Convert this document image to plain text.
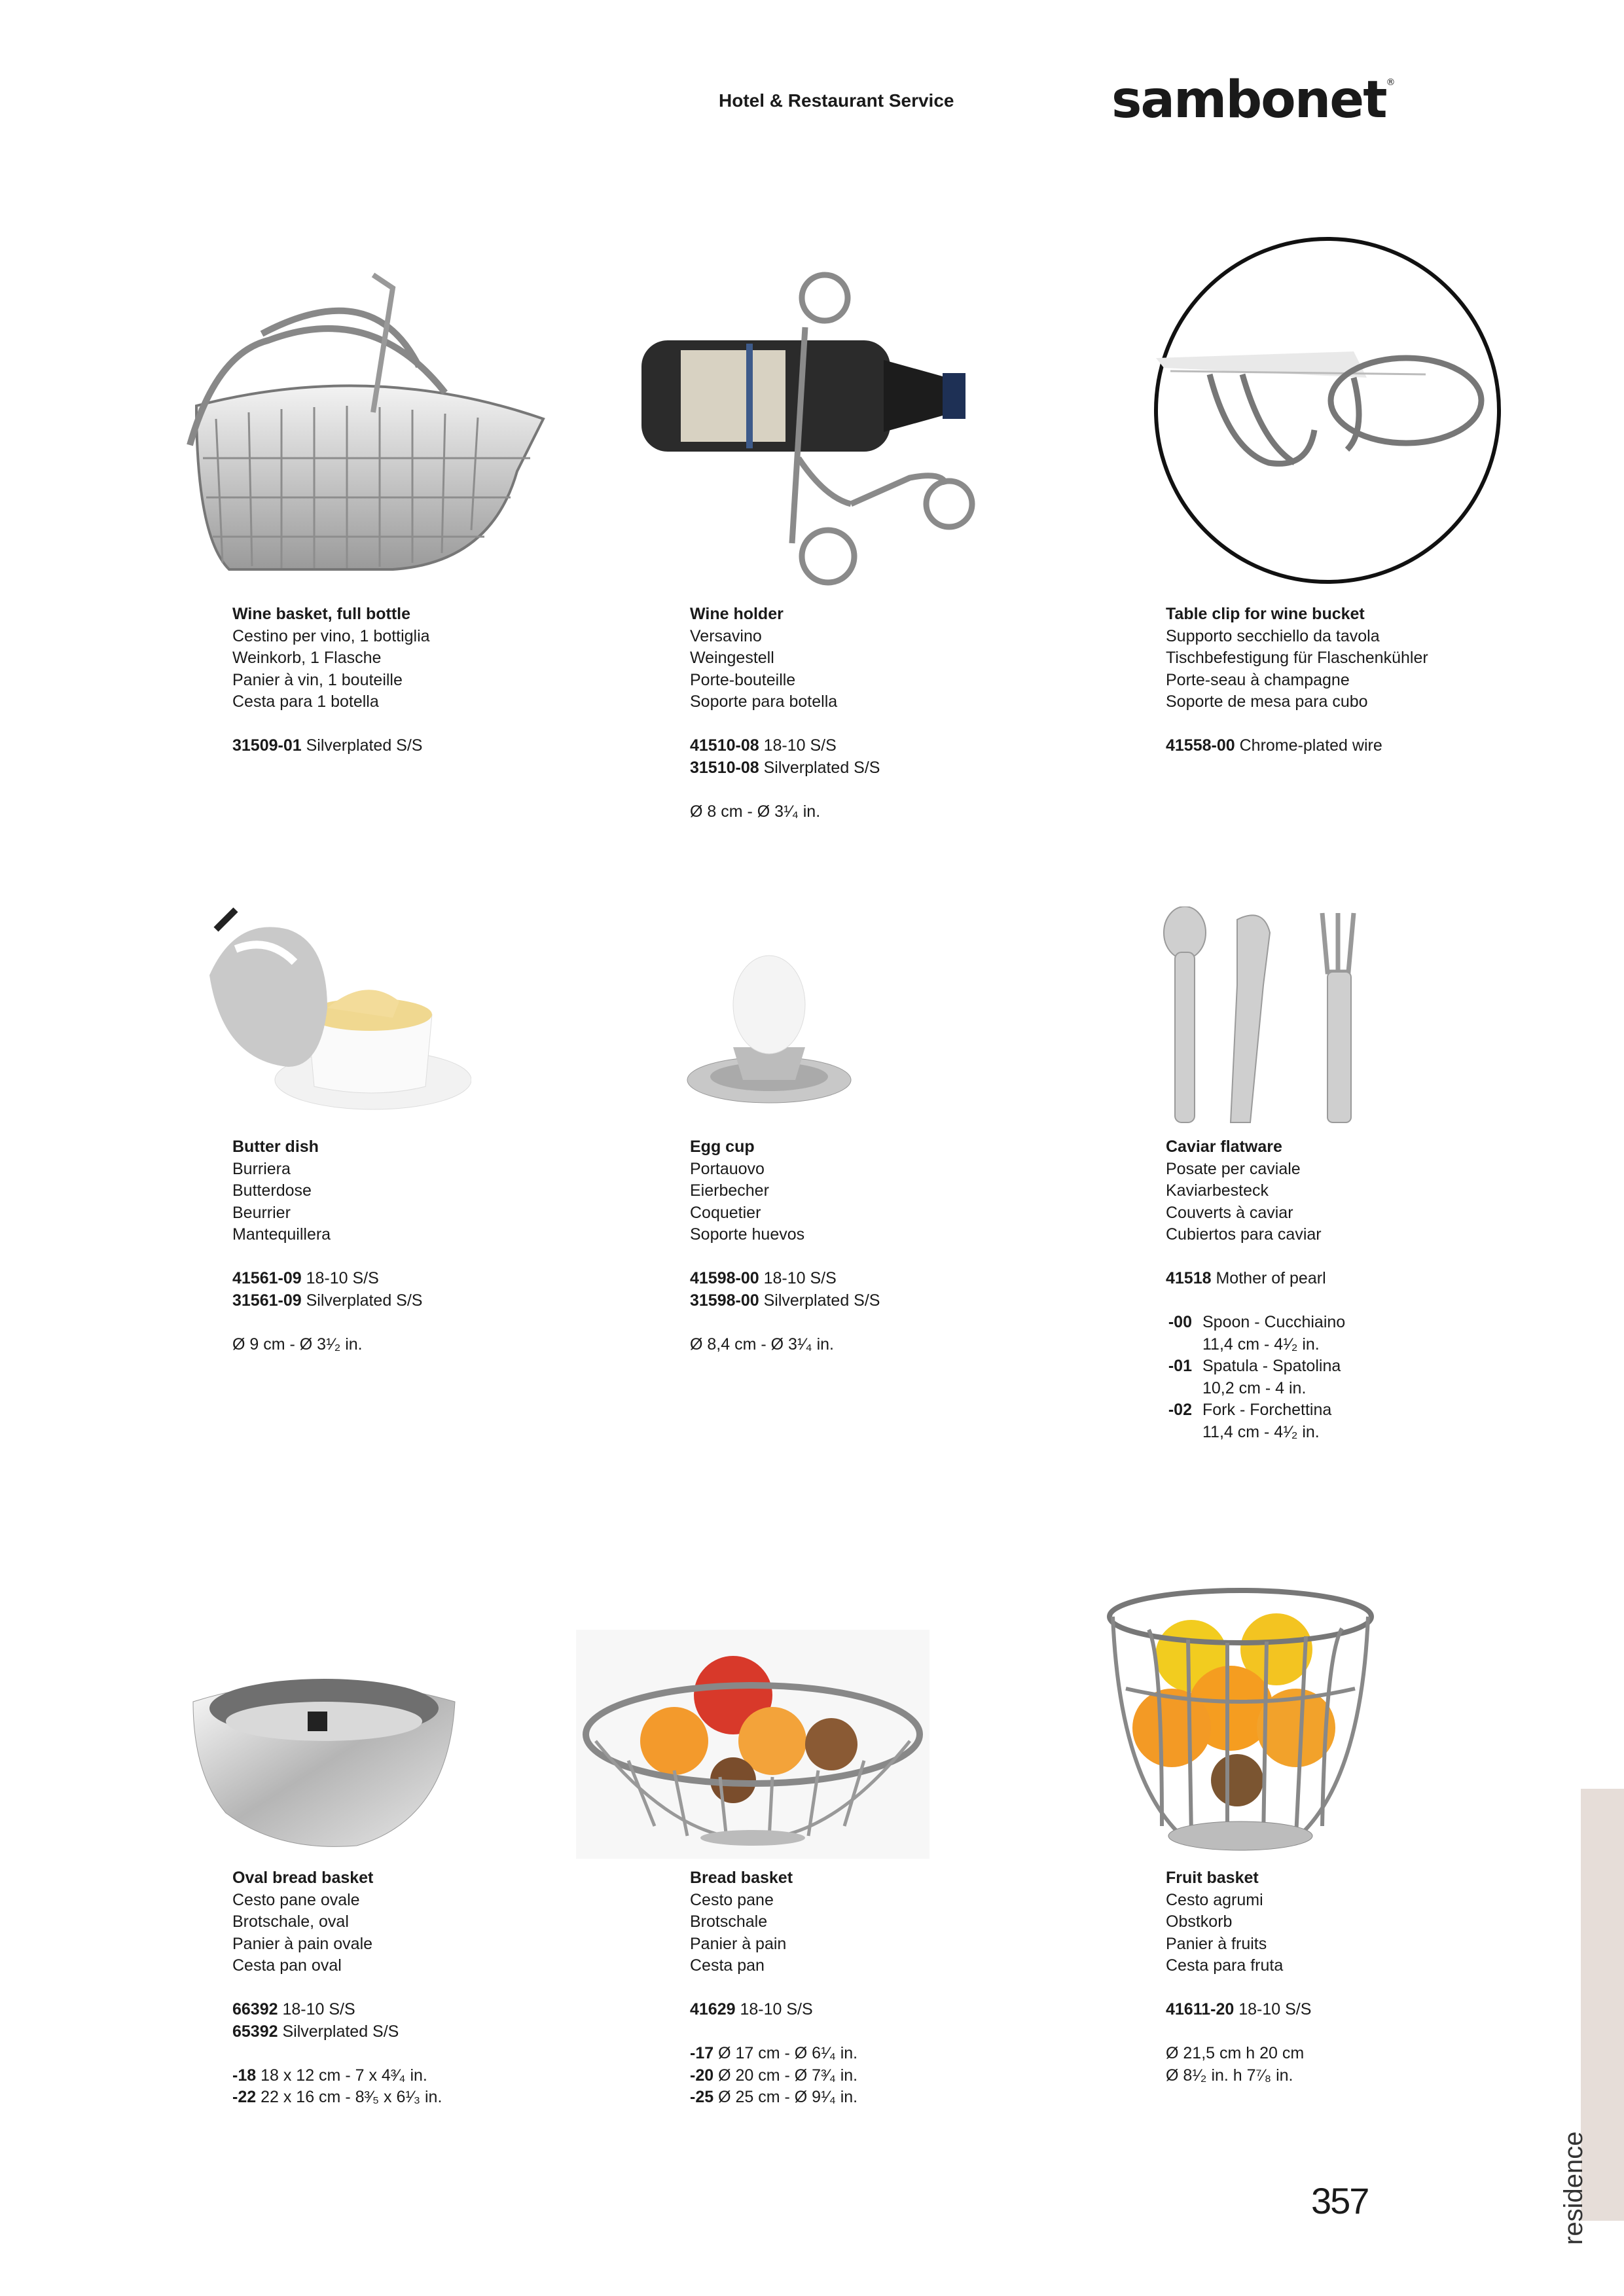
Hotel & Restaurant Service	sambonet®
Wine basket, full bottle
Cestino per vino, 1 bottiglia
Weinkorb, 1 Flasche
Panier à vin, 1 bouteille
Cesta para 1 botella
31509-01 Silverplated S/S
Wine holder
Versavino
Weingestell
Porte-bouteille
Soporte para botella
41510-08 18-10 S/S
31510-08 Silverplated S/S
Ø 8 cm - Ø 3¹⁄₄ in.
Table clip for wine bucket
Supporto secchiello da tavola
Tischbefestigung für Flaschenkühler
Porte-seau à champagne
Soporte de mesa para cubo
41558-00 Chrome-plated wire
Butter dish
Burriera
Butterdose
Beurrier
Mantequillera
41561-09 18-10 S/S
31561-09 Silverplated S/S
Ø 9 cm - Ø 3¹⁄₂ in.
Egg cup
Portauovo
Eierbecher
Coquetier
Soporte huevos
41598-00 18-10 S/S
31598-00 Silverplated S/S
Ø 8,4 cm - Ø 3¹⁄₄ in.
Caviar flatware
Posate per caviale
Kaviarbesteck
Couverts à caviar
Cubiertos para caviar
41518 Mother of pearl
-00 Spoon - Cucchiaino
11,4 cm - 4¹⁄₂ in.
-01 Spatula - Spatolina
10,2 cm - 4 in.
-02 Fork - Forchettina
11,4 cm - 4¹⁄₂ in.
Oval bread basket
Cesto pane ovale
Brotschale, oval
Panier à pain ovale
Cesta pan oval
66392 18-10 S/S
65392 Silverplated S/S
-18 18 x 12 cm - 7 x 4³⁄₄ in.
-22 22 x 16 cm - 8³⁄₅ x 6¹⁄₃ in.
Bread basket
Cesto pane
Brotschale
Panier à pain
Cesta pan
41629 18-10 S/S
-17 Ø 17 cm - Ø 6¹⁄₄ in.
-20 Ø 20 cm - Ø 7³⁄₄ in.
-25 Ø 25 cm - Ø 9¹⁄₄ in.
Fruit basket
Cesto agrumi
Obstkorb
Panier à fruits
Cesta para fruta
41611-20 18-10 S/S
Ø 21,5 cm h 20 cm
Ø 8¹⁄₂ in. h 7⁷⁄₈ in.
residence
357
